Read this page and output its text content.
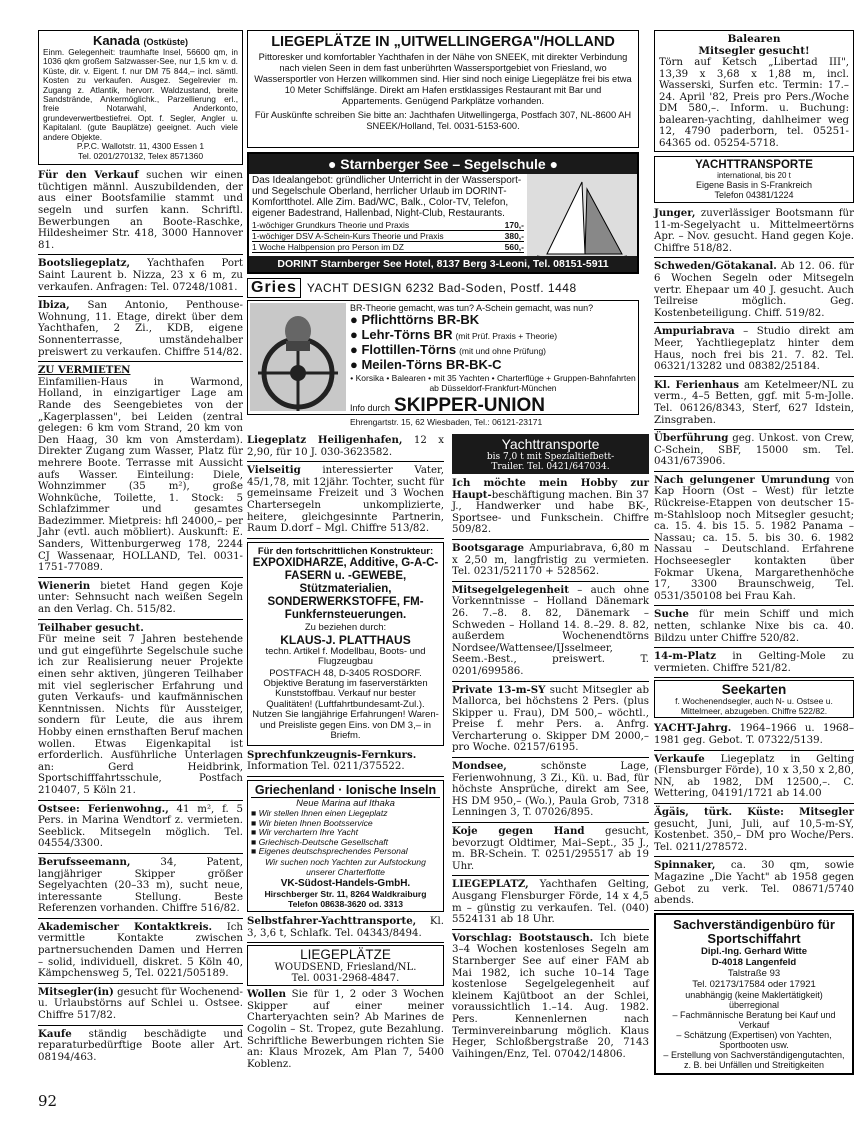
Kanada (Ostküste)
Einm. Gelegenheit: traumhafte Insel, 56600 qm, in 1036 qkm großem Salzwasser-See, nur 1,5 km v. d. Küste, dir. v. Eigent. f. nur DM 75 844,– incl. sämtl. Kosten zu verkaufen. Ausgez. Segelrevier m. Zugang z. Atlantik, hervorr. Waldzustand, breite Sandstrände, Ankermöglichk., Parzellierung erl., freie Notarwahl, Anderkonto, grundeverwertbestiefrei. Opt. f. Segler, Angler u. Kapitalanl. (gute Bauplätze) geeignet. Auch viele andere Objekte.
P.P.C. Wallotstr. 11, 4300 Essen 1
Tel. 0201/270132, Telex 8571360
Für den Verkauf suchen wir einen tüchtigen männl. Auszubildenden, der aus einer Bootsfamilie stammt und segeln und surfen kann. Schriftl. Bewerbungen an Boote-Raschke, Hildesheimer Str. 418, 3000 Hannover 81.
Bootsliegeplatz, Yachthafen Port Saint Laurent b. Nizza, 23 x 6 m, zu verkaufen. Anfragen: Tel. 07248/1081.
Ibiza, San Antonio, Penthouse-Wohnung, 11. Etage, direkt über dem Yachthafen, 2 Zi., KDB, eigene Sonnenterrasse, umständehalber preiswert zu verkaufen. Chiffre 514/82.
ZU VERMIETEN
Einfamilien-Haus in Warmond, Holland, in einzigartiger Lage am Rande des Seengebietes von der „Kagerplassen", bei Leiden (zentral gelegen: 6 km vom Strand, 20 km von Den Haag, 30 km von Amsterdam). Direkter Zugang zum Wasser, Platz für mehrere Boote. Terrasse mit Aussicht aufs Wasser. Einteilung: Diele, Wohnzimmer (35 m²), große Wohnküche, Toilette, 1. Stock: 5 Schlafzimmer und gesamtes Badezimmer. Mietpreis: hfl 24000,– per Jahr (evtl. auch möbliert). Auskunft: E. Sanders, Wittenburgerweg 178, 2244 CJ Wassenaar, HOLLAND, Tel. 0031-1751-77089.
Wienerin bietet Hand gegen Koje unter: Sehnsucht nach weißen Segeln an den Verlag. Ch. 515/82.
Teilhaber gesucht.
Für meine seit 7 Jahren bestehende und gut eingeführte Segelschule suche ich zur Realisierung neuer Projekte einen sehr aktiven, jüngeren Teilhaber mit viel seglerischer Erfahrung und guten Verkaufs- und kaufmännischen Kenntnissen. Nichts für Aussteiger, sondern für Leute, die aus ihrem Hobby einen ernsthaften Beruf machen wollen. Etwas Eigenkapital ist erforderlich. Ausführliche Unterlagen an: Gerd Heidbrink, Sportschifffahrtsschule, Postfach 210407, 5 Köln 21.
Ostsee: Ferienwohng., 41 m², f. 5 Pers. in Marina Wendtorf z. vermieten. Seeblick. Mitsegeln möglich. Tel. 04554/3300.
Berufsseemann, 34, Patent, langjähriger Skipper größer Segelyachten (20–33 m), sucht neue, interessante Stellung. Beste Referenzen vorhanden. Chiffre 516/82.
Akademischer Kontaktkreis. Ich vermittle Kontakte zwischen partnersuchenden Damen und Herren – solid, individuell, diskret. 5 Köln 40, Kämpchensweg 5, Tel. 0221/505189.
Mitsegler(in) gesucht für Wochenend- u. Urlaubstörns auf Schlei u. Ostsee. Chiffre 517/82.
Kaufe ständig beschädigte und reparaturbedürftige Boote aller Art. 08194/463.
LIEGEPLÄTZE IN „UITWELLINGERGA"/HOLLAND
Pittoresker und komfortabler Yachthafen in der Nähe von SNEEK, mit direkter Verbindung nach vielen Seen in dem fast unberührten Wassersportgebiet von Friesland, wo Wassersportler von Herzen willkommen sind. Hier sind noch einige Liegeplätze frei bis etwa 10 Meter Schiffslänge. Direkt am Hafen erstklassiges Restaurant mit Bar und Appartements. Genügend Parkplätze vorhanden.
Für Auskünfte schreiben Sie bitte an: Jachthafen Uitwellingerga, Postfach 307, NL-8600 AH SNEEK/Holland, Tel. 0031-5153-600.
● Starnberger See – Segelschule ●
Das Idealangebot: gründlicher Unterricht in der Wassersport- und Segelschule Oberland, herrlicher Urlaub im DORINT-Komfortthotel. Alle Zim. Bad/WC, Balk., Color-TV, Telefon, eigener Badestrand, Hallenbad, Night-Club, Restaurants.
1-wöchiger Grundkurs Theorie und Praxis	170,-
1-wöchiger DSV A-Schein-Kurs Theorie und Praxis	380,-
1 Woche Halbpension pro Person im DZ	560,-
DORINT Starnberger See Hotel, 8137 Berg 3-Leoni, Tel. 08151-5911
Gries YACHT DESIGN 6232 Bad-Soden, Postf. 1448
BR-Theorie gemacht, was tun? A-Schein gemacht, was nun?
● Pflichttörns BR-BK
● Lehr-Törns BR (mit Prüf. Praxis + Theorie)
● Flottillen-Törns (mit und ohne Prüfung)
● Meilen-Törns BR-BK-C
• Korsika • Balearen • mit 35 Yachten • Charterflüge + Gruppen-Bahnfahrten ab Düsseldorf-Frankfurt-München
Info durch SKIPPER-UNION
Ehrengartstr. 15, 62 Wiesbaden, Tel.: 06121-23171
Liegeplatz Heiligenhafen, 12 x 2,90, für 10 J. 030-3623582.
Vielseitig interessierter Vater, 45/1,78, mit 12jähr. Tochter, sucht für gemeinsame Freizeit und 3 Wochen Chartersegeln unkomplizierte, heitere, gleichgesinnte Partnerin, Raum D.dorf – Mgl. Chiffre 513/82.
Für den fortschrittlichen Konstrukteur:
EXPOXIDHARZE, Additive, G-A-C-FASERN u. -GEWEBE, Stützmaterialien,
SONDERWERKSTOFFE, FM-Funkfernsteuerungen.
Zu beziehen durch:
KLAUS-J. PLATTHAUS
techn. Artikel f. Modellbau, Boots- und Flugzeugbau
POSTFACH 48, D-3405 ROSDORF.
Objektive Beratung im faserverstärkten Kunststoffbau. Verkauf nur bester Qualitäten! (Luftfahrtbundesamt-Zul.). Nutzen Sie langjährige Erfahrungen! Waren- und Preisliste gegen Eins. von DM 3,– in Briefm.
Sprechfunkzeugnis-Fernkurs. Information Tel. 0211/375522.
Griechenland · Ionische Inseln
Neue Marina auf Ithaka
■ Wir stellen Ihnen einen Liegeplatz
■ Wir bieten Ihnen Bootsservice
■ Wir verchartern Ihre Yacht
■ Griechisch-Deutsche Gesellschaft
■ Eigenes deutschsprechendes Personal
Wir suchen noch Yachten zur Aufstockung unserer Charterflotte
VK-Südost-Handels-GmbH.
Hirschberger Str. 11, 8264 Waldkraiburg
Telefon 08638-3620 od. 3313
Selbstfahrer-Yachttransporte, Kl. 3, 3,6 t, Schlafk. Tel. 04343/8494.
LIEGEPLÄTZE
WOUDSEND, Friesland/NL.
Tel. 0031-2968-4847.
Wollen Sie für 1, 2 oder 3 Wochen Skipper auf einer meiner Charteryachten sein? Ab Marines de Cogolin – St. Tropez, gute Bezahlung. Schriftliche Bewerbungen richten Sie an: Klaus Mrozek, Am Plan 7, 5400 Koblenz.
Yachttransporte
bis 7,0 t mit Spezialtiefbett-
Trailer. Tel. 0421/647034.
Ich möchte mein Hobby zur Haupt-beschäftigung machen. Bin 37 J., Handwerker und habe BK-, Sportsee- und Funkschein. Chiffre 509/82.
Bootsgarage Ampuriabrava, 6,80 m x 2,50 m, langfristig zu vermieten. Tel. 0231/521170 + 528562.
Mitsegelgelegenheit – auch ohne Vorkenntnisse – Holland Dänemark 26. 7.–8. 8. 82, Dänemark – Schweden – Holland 14. 8.–29. 8. 82, außerdem Wochenendtörns Nordsee/Wattensee/IJsselmeer, Seem.-Best., preiswert. T. 0201/699586.
Private 13-m-SY sucht Mitsegler ab Mallorca, bei höchstens 2 Pers. (plus Skipper u. Frau), DM 500,– wöchtl., Preise f. mehr Pers. a. Anfrg. Vercharterung o. Skipper DM 2000,– pro Woche. 02157/6195.
Mondsee, schönste Lage, Ferienwohnung, 3 Zi., Kü. u. Bad, für höchste Ansprüche, direkt am See, HS DM 950,– (Wo.), Paula Grob, 7318 Lenningen 3, T. 07026/895.
Koje gegen Hand gesucht, bevorzugt Oldtimer, Mai–Sept., 35 J., m. BR-Schein. T. 0251/295517 ab 19 Uhr.
LIEGEPLATZ, Yachthafen Gelting, Ausgang Flensburger Förde, 14 x 4,5 m – günstig zu verkaufen. Tel. (040) 5524131 ab 18 Uhr.
Vorschlag: Bootstausch. Ich biete 3–4 Wochen kostenloses Segeln am Starnberger See auf einer FAM ab Mai 1982, ich suche 10–14 Tage kostenlose Segelgelegenheit auf kleinem Kajütboot an der Schlei, voraussichtlich 1.–14. Aug. 1982. Pers. Kennenlernen nach Terminvereinbarung möglich. Klaus Heger, Schloßbergstraße 20, 7143 Vaihingen/Enz, Tel. 07042/14806.
Balearen
Mitsegler gesucht!
Törn auf Ketsch „Libertad III", 13,39 x 3,68 x 1,88 m, incl. Wasserski, Surfen etc. Termin: 17.–24. April '82, Preis pro Pers./Woche DM 580,–. Inform. u. Buchung: balearen-yachting, dahlheimer weg 12, 4790 paderborn, tel. 05251-64365 od. 05254-5718.
YACHTTRANSPORTE
international, bis 20 t
Eigene Basis in S-Frankreich
Telefon 04381/1224
Junger, zuverlässiger Bootsmann für 11-m-Segelyacht u. Mittelmeertörns Apr. – Nov. gesucht. Hand gegen Koje. Chiffre 518/82.
Schweden/Götakanal. Ab 12. 06. für 6 Wochen Segeln oder Mitsegeln vertr. Ehepaar um 40 J. gesucht. Auch Teilreise möglich. Geg. Kostenbeteiligung. Chiff. 519/82.
Ampuriabrava – Studio direkt am Meer, Yachtliegeplatz hinter dem Haus, noch frei bis 21. 7. 82. Tel. 06321/13282 und 08382/25184.
Kl. Ferienhaus am Ketelmeer/NL zu verm., 4–5 Betten, ggf. mit 5-m-Jolle. Tel. 06126/8343, Sterf, 627 Idstein, Zinsgraben.
Überführung geg. Unkost. von Crew, C-Schein, SBF, 15000 sm. Tel. 0431/673906.
Nach gelungener Umrundung von Kap Hoorn (Ost – West) für letzte Rückreise-Etappen von deutscher 15-m-Stahlsloop noch Mitsegler gesucht; ca. 15. 4. bis 15. 5. 1982 Panama – Nassau; ca. 15. 5. bis 30. 6. 1982 Nassau – Deutschland. Erfahrene Hochseesegler kontakten über Fokmar Ukena, Margarethenhöche 17, 3300 Braunschweig, Tel. 0531/350108 bei Frau Kah.
Suche für mein Schiff und mich netten, schlanke Nixe bis ca. 40. Bildzu unter Chiffre 520/82.
14-m-Platz in Gelting-Mole zu vermieten. Chiffre 521/82.
Seekarten
f. Wochenendsegler, auch N- u. Ostsee u. Mittelmeer, abzugeben. Chiffre 522/82.
YACHT-Jahrg. 1964–1966 u. 1968–1981 geg. Gebot. T. 07322/5139.
Verkaufe Liegeplatz in Gelting (Flensburger Förde), 10 x 3,50 x 2,80, NN, ab 1982, DM 12500,–. C. Wettering, 04191/1721 ab 14.00
Ägäis, türk. Küste: Mitsegler gesucht, Juni, Juli, auf 10,5-m-SY, Kostenbet. 350,– DM pro Woche/Pers. Tel. 0211/278572.
Spinnaker, ca. 30 qm, sowie Magazine „Die Yacht" ab 1958 gegen Gebot zu verk. Tel. 08671/5740 abends.
Sachverständigenbüro für Sportschiffahrt
Dipl.-Ing. Gerhard Witte
D-4018 Langenfeld
Talstraße 93
Tel. 02173/17584 oder 17921
unabhängig (keine Maklertätigkeit) überregional
– Fachmännische Beratung bei Kauf und Verkauf
– Schätzung (Expertisen) von Yachten, Sportbooten usw.
– Erstellung von Sachverständigengutachten, z. B. bei Unfällen und Streitigkeiten
92
